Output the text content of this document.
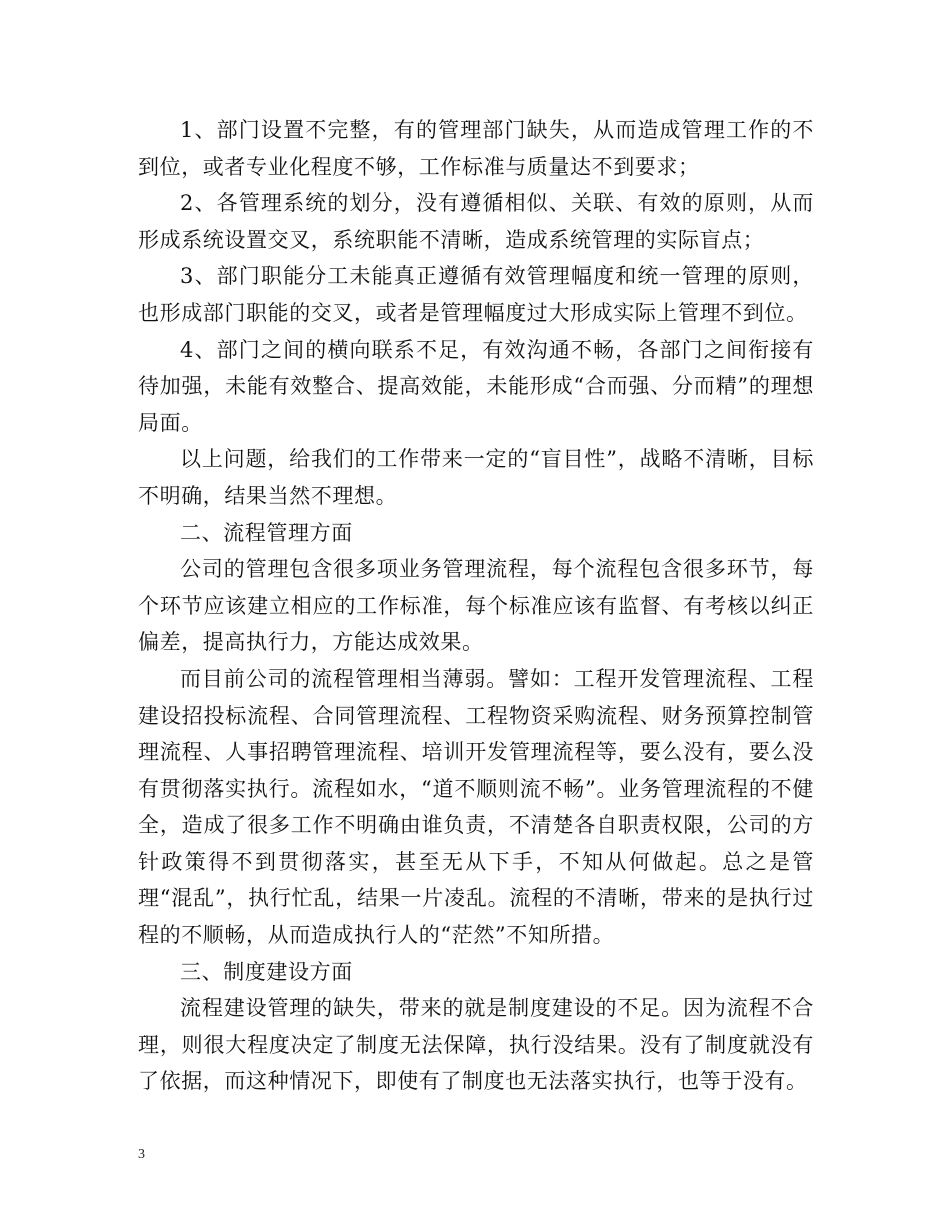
1、部门设置不完整，有的管理部门缺失，从而造成管理工作的不到位，或者专业化程度不够，工作标准与质量达不到要求；

2、各管理系统的划分，没有遵循相似、关联、有效的原则，从而形成系统设置交叉，系统职能不清晰，造成系统管理的实际盲点；

3、部门职能分工未能真正遵循有效管理幅度和统一管理的原则，也形成部门职能的交叉，或者是管理幅度过大形成实际上管理不到位。

4、部门之间的横向联系不足，有效沟通不畅，各部门之间衔接有待加强，未能有效整合、提高效能，未能形成“合而强、分而精”的理想局面。

以上问题，给我们的工作带来一定的“盲目性”，战略不清晰，目标不明确，结果当然不理想。

二、流程管理方面

公司的管理包含很多项业务管理流程，每个流程包含很多环节，每个环节应该建立相应的工作标准，每个标准应该有监督、有考核以纠正偏差，提高执行力，方能达成效果。

而目前公司的流程管理相当薄弱。譬如：工程开发管理流程、工程建设招投标流程、合同管理流程、工程物资采购流程、财务预算控制管理流程、人事招聘管理流程、培训开发管理流程等，要么没有，要么没有贯彻落实执行。流程如水，“道不顺则流不畅”。业务管理流程的不健全，造成了很多工作不明确由谁负责，不清楚各自职责权限，公司的方针政策得不到贯彻落实，甚至无从下手，不知从何做起。总之是管理“混乱”，执行忙乱，结果一片凌乱。流程的不清晰，带来的是执行过程的不顺畅，从而造成执行人的“茫然”不知所措。

三、制度建设方面

流程建设管理的缺失，带来的就是制度建设的不足。因为流程不合理，则很大程度决定了制度无法保障，执行没结果。没有了制度就没有了依据，而这种情况下，即使有了制度也无法落实执行，也等于没有。

3
